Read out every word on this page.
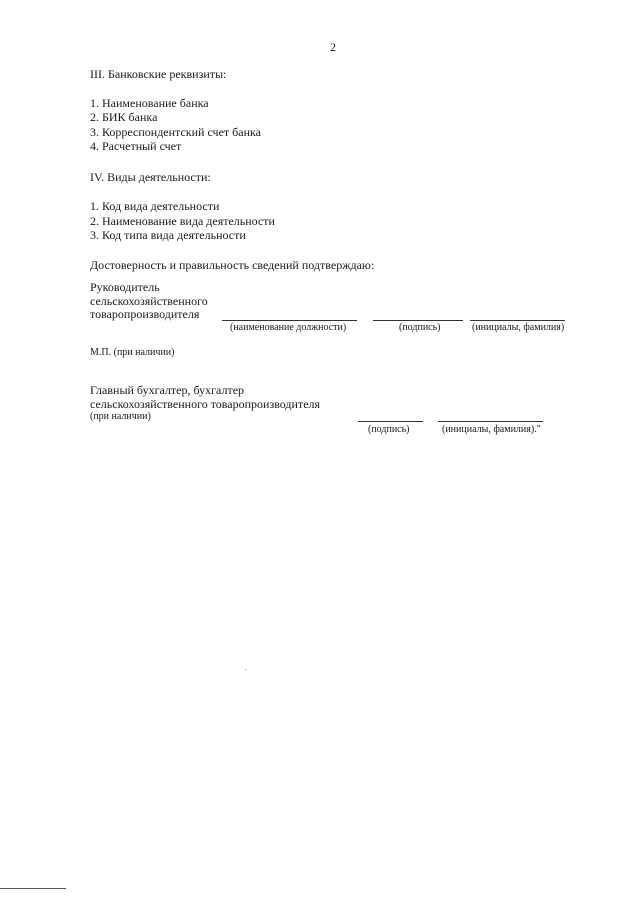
2
III. Банковские реквизиты:
1. Наименование банка
2. БИК банка
3. Корреспондентский счет банка
4. Расчетный счет
IV. Виды деятельности:
1. Код вида деятельности
2. Наименование вида деятельности
3. Код типа вида деятельности
Достоверность и правильность сведений подтверждаю:
Руководитель
сельскохозяйственного
товаропроизводителя
(наименование должности)	(подпись)	(инициалы, фамилия)
М.П. (при наличии)
Главный бухгалтер, бухгалтер
сельскохозяйственного товаропроизводителя
(при наличии)
(подпись)	(инициалы, фамилия)."
